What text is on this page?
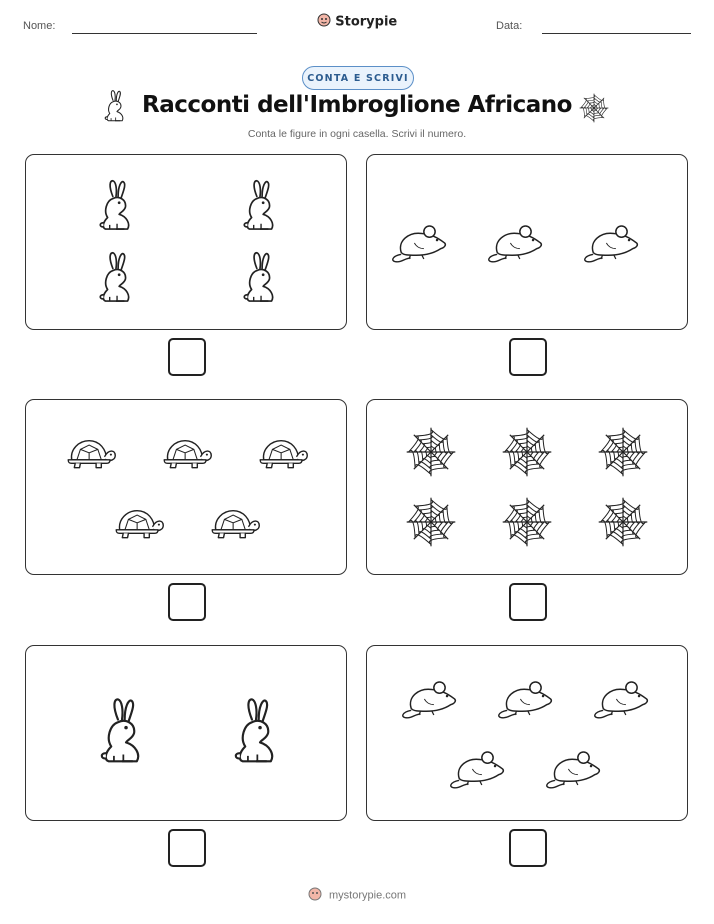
Nome:	Storypie	Data:
CONTA E SCRIVI
Racconti dell'Imbroglione Africano
Conta le figure in ogni casella. Scrivi il numero.
mystorypie.com
